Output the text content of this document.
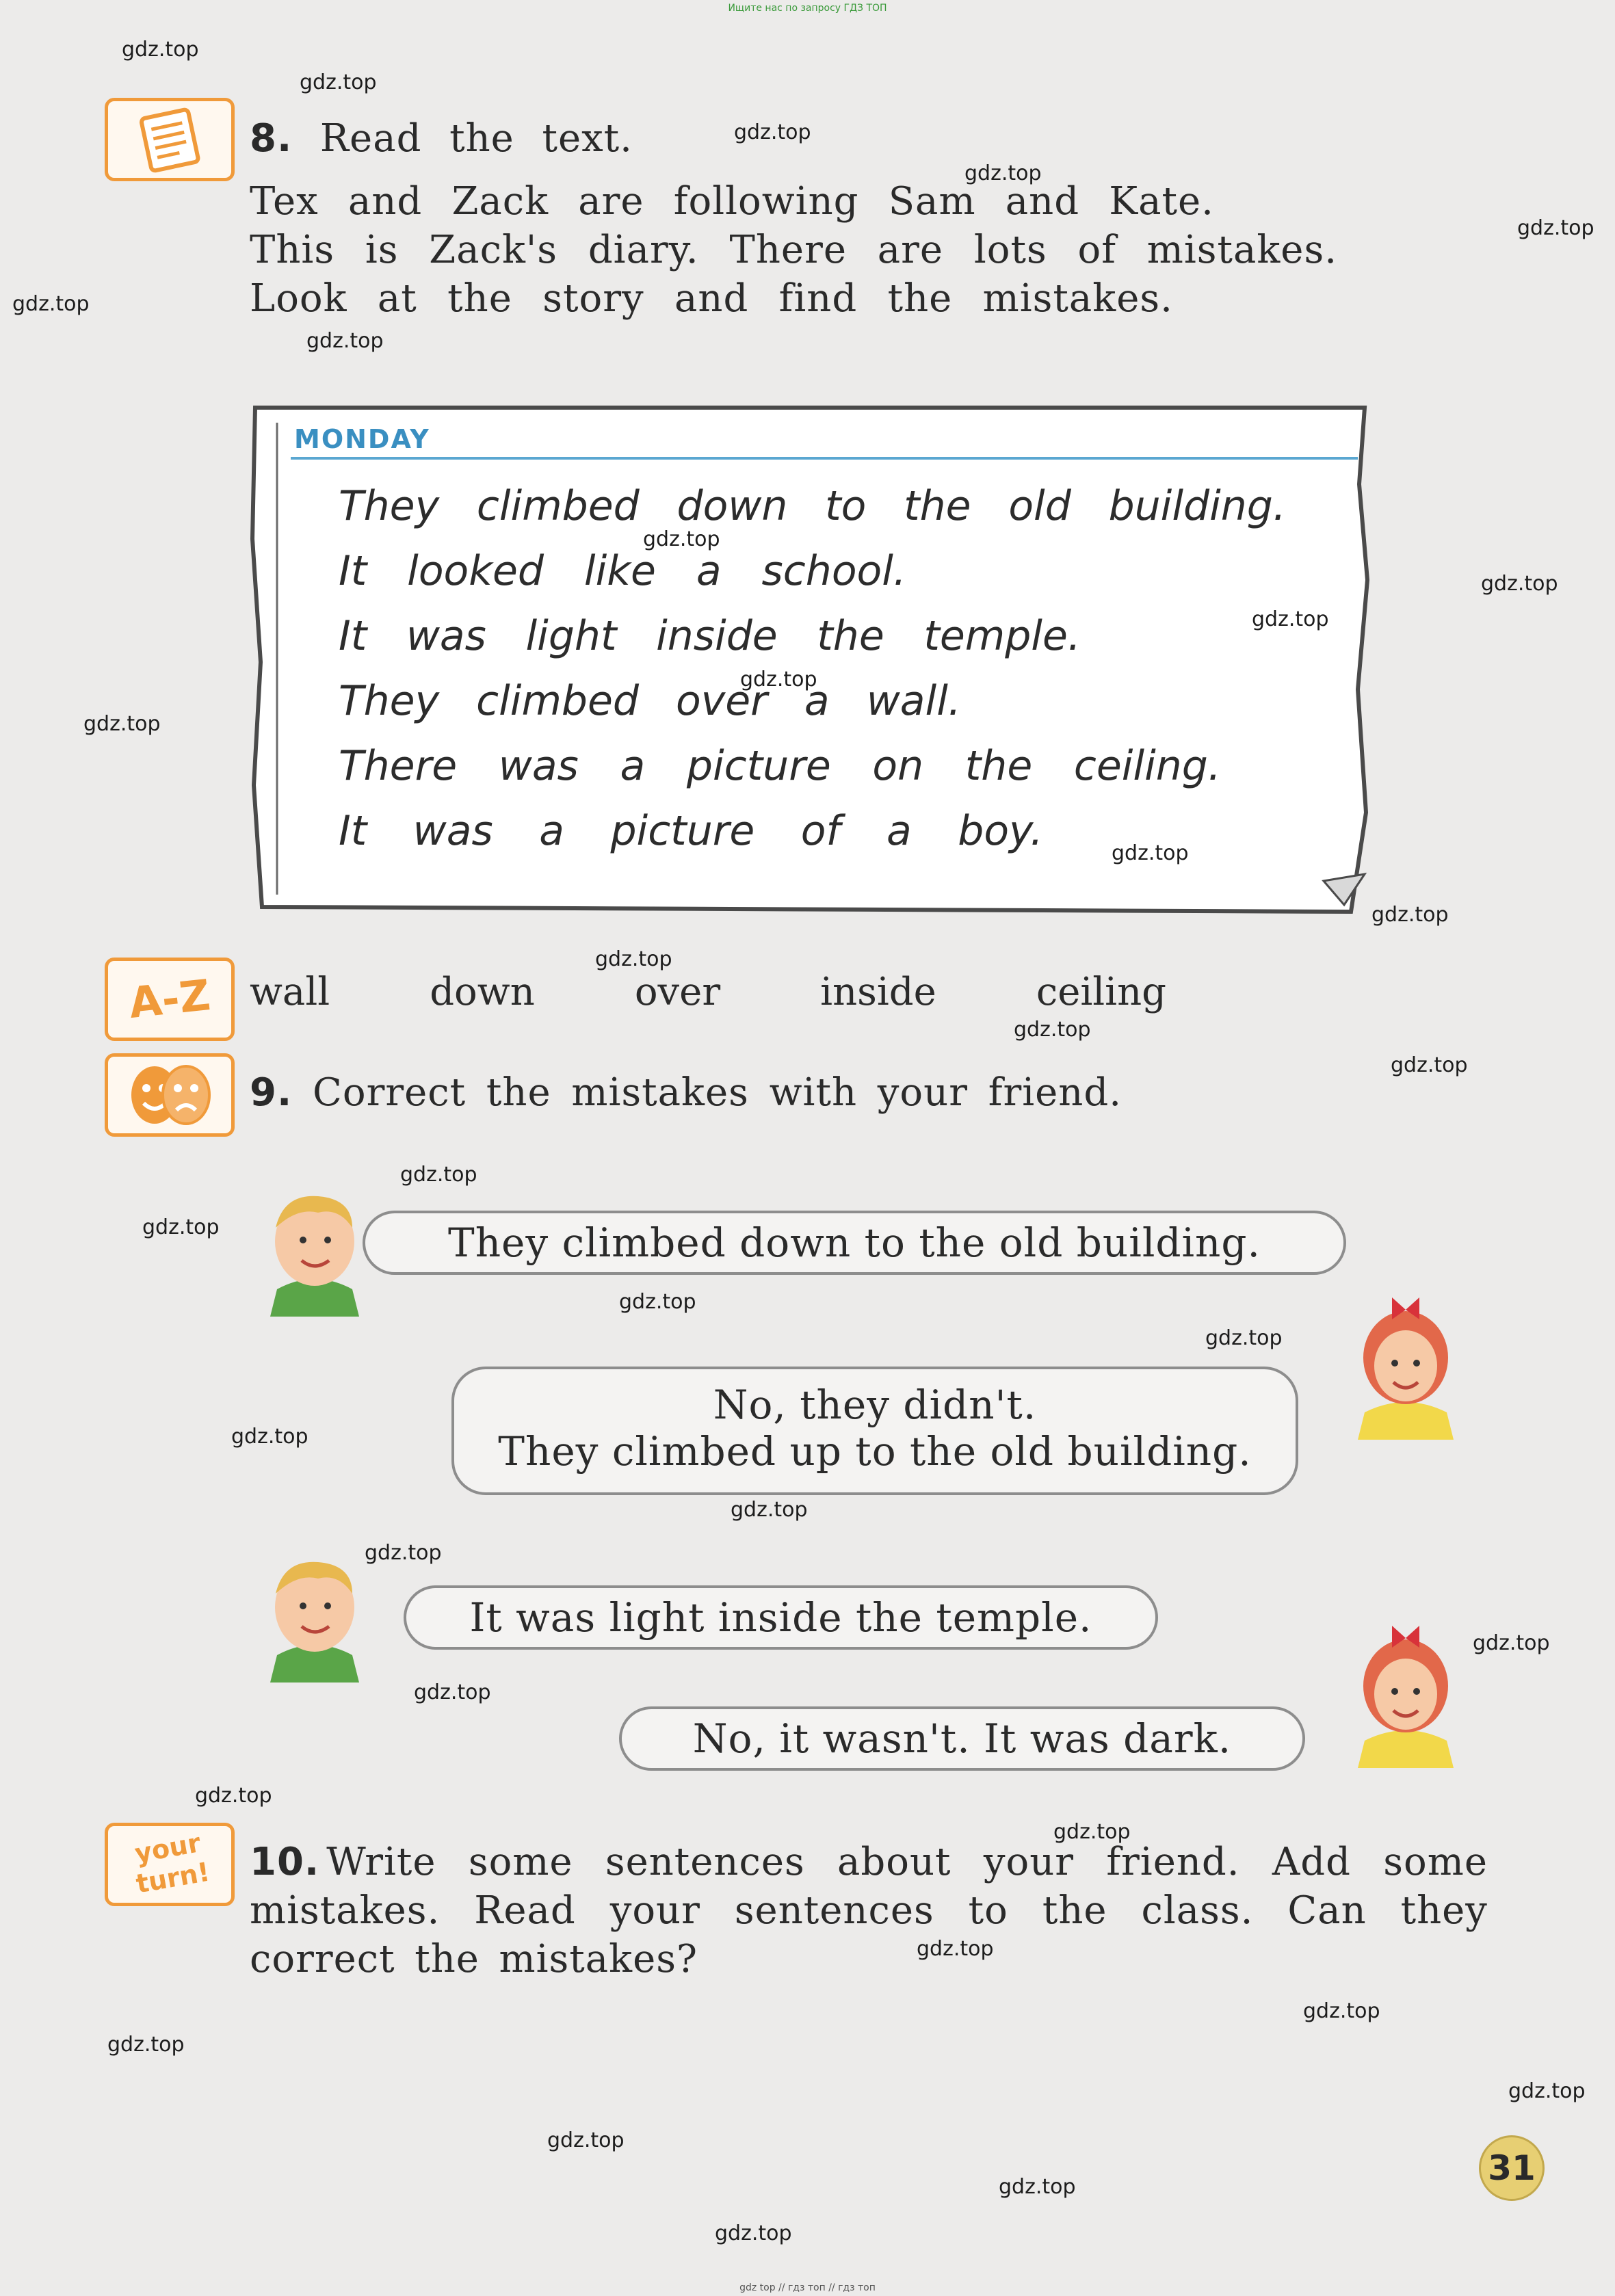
Ищите нас по запросу ГДЗ ТОП
8. Read the text.
Tex and Zack are following Sam and Kate.
This is Zack's diary. There are lots of mistakes.
Look at the story and find the mistakes.
MONDAY
They climbed down to the old building.
It looked like a school.
It was light inside the temple.
They climbed over a wall.
There was a picture on the ceiling.
It was a picture of a boy.
A-Z wall	down	over	inside	ceiling
9. Correct the mistakes with your friend.
They climbed down to the old building.
No, they didn't.
They climbed up to the old building.
It was light inside the temple.
No, it wasn't. It was dark.
your
turn! 10. Write some sentences about your friend. Add some
mistakes. Read your sentences to the class. Can they
correct the mistakes?
31
gdz.top
gdz.top
gdz.top
gdz.top
gdz.top
gdz.top
gdz.top
gdz.top
gdz.top
gdz.top
gdz.top
gdz.top
gdz.top
gdz.top
gdz.top
gdz.top
gdz.top
gdz.top
gdz.top
gdz.top
gdz.top
gdz.top
gdz.top
gdz.top
gdz.top
gdz.top
gdz.top
gdz.top
gdz.top
gdz.top
gdz.top
gdz.top
gdz.top
gdz.top
gdz.top
gdz top // гдз топ // гдз топ
